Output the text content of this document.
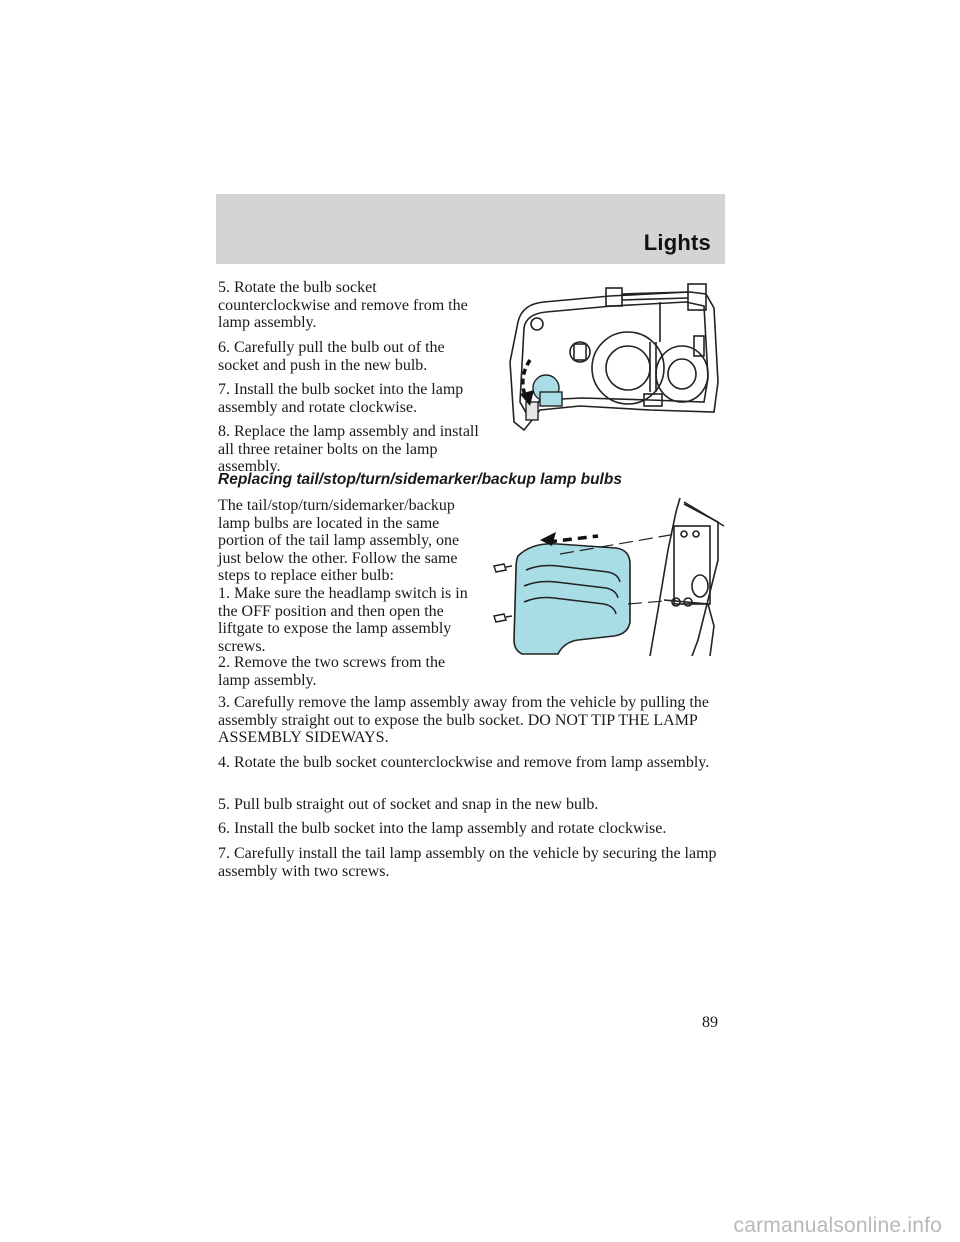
Lights

5. Rotate the bulb socket counterclockwise and remove from the lamp assembly.

6. Carefully pull the bulb out of the socket and push in the new bulb.

7. Install the bulb socket into the lamp assembly and rotate clockwise.

8. Replace the lamp assembly and install all three retainer bolts on the lamp assembly.

Replacing tail/stop/turn/sidemarker/backup lamp bulbs

The tail/stop/turn/sidemarker/backup lamp bulbs are located in the same portion of the tail lamp assembly, one just below the other. Follow the same steps to replace either bulb:

1. Make sure the headlamp switch is in the OFF position and then open the liftgate to expose the lamp assembly screws.

2. Remove the two screws from the lamp assembly.

3. Carefully remove the lamp assembly away from the vehicle by pulling the assembly straight out to expose the bulb socket. DO NOT TIP THE LAMP ASSEMBLY SIDEWAYS.

4. Rotate the bulb socket counterclockwise and remove from lamp assembly.

5. Pull bulb straight out of socket and snap in the new bulb.

6. Install the bulb socket into the lamp assembly and rotate clockwise.

7. Carefully install the tail lamp assembly on the vehicle by securing the lamp assembly with two screws.

89
carmanualsonline.info
